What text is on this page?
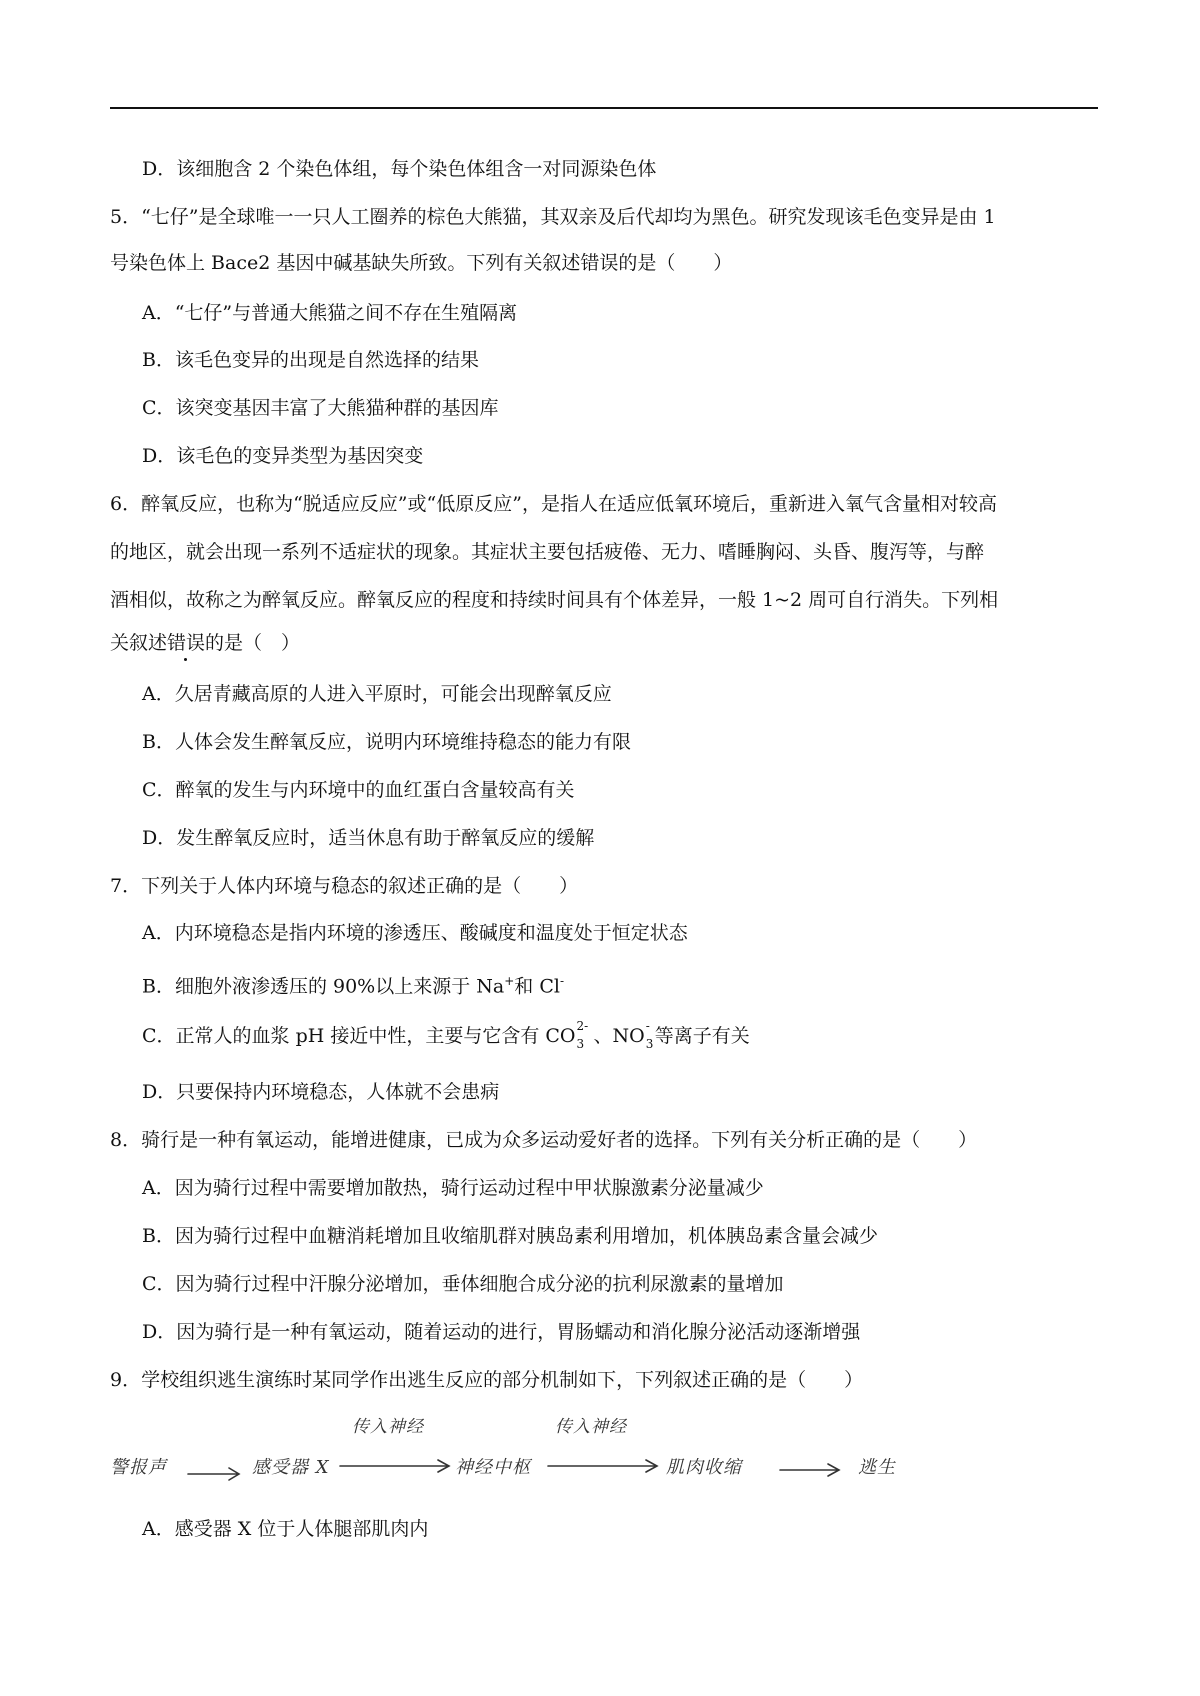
D．该细胞含 2 个染色体组，每个染色体组含一对同源染色体
5．“七仔”是全球唯一一只人工圈养的棕色大熊猫，其双亲及后代却均为黑色。研究发现该毛色变异是由 1
号染色体上 Bace2 基因中碱基缺失所致。下列有关叙述错误的是（　　）
A．“七仔”与普通大熊猫之间不存在生殖隔离
B．该毛色变异的出现是自然选择的结果
C．该突变基因丰富了大熊猫种群的基因库
D．该毛色的变异类型为基因突变
6．醉氧反应，也称为“脱适应反应”或“低原反应”，是指人在适应低氧环境后，重新进入氧气含量相对较高
的地区，就会出现一系列不适症状的现象。其症状主要包括疲倦、无力、嗜睡胸闷、头昏、腹泻等，与醉
酒相似，故称之为醉氧反应。醉氧反应的程度和持续时间具有个体差异，一般 1~2 周可自行消失。下列相
关叙述错误的是（　）
A．久居青藏高原的人进入平原时，可能会出现醉氧反应
B．人体会发生醉氧反应，说明内环境维持稳态的能力有限
C．醉氧的发生与内环境中的血红蛋白含量较高有关
D．发生醉氧反应时，适当休息有助于醉氧反应的缓解
7．下列关于人体内环境与稳态的叙述正确的是（　　）
A．内环境稳态是指内环境的渗透压、酸碱度和温度处于恒定状态
B．细胞外液渗透压的 90%以上来源于 Na+和 Cl-
C．正常人的血浆 pH 接近中性，主要与它含有 CO 2-
3 、NO -
3 等离子有关
D．只要保持内环境稳态，人体就不会患病
8．骑行是一种有氧运动，能增进健康，已成为众多运动爱好者的选择。下列有关分析正确的是（　　）
A．因为骑行过程中需要增加散热，骑行运动过程中甲状腺激素分泌量减少
B．因为骑行过程中血糖消耗增加且收缩肌群对胰岛素利用增加，机体胰岛素含量会减少
C．因为骑行过程中汗腺分泌增加，垂体细胞合成分泌的抗利尿激素的量增加
D．因为骑行是一种有氧运动，随着运动的进行，胃肠蠕动和消化腺分泌活动逐渐增强
9．学校组织逃生演练时某同学作出逃生反应的部分机制如下，下列叙述正确的是（　　）
警报声	感受器 X	神经中枢	肌肉收缩	逃生
传入神经	传入神经
A．感受器 X 位于人体腿部肌肉内
